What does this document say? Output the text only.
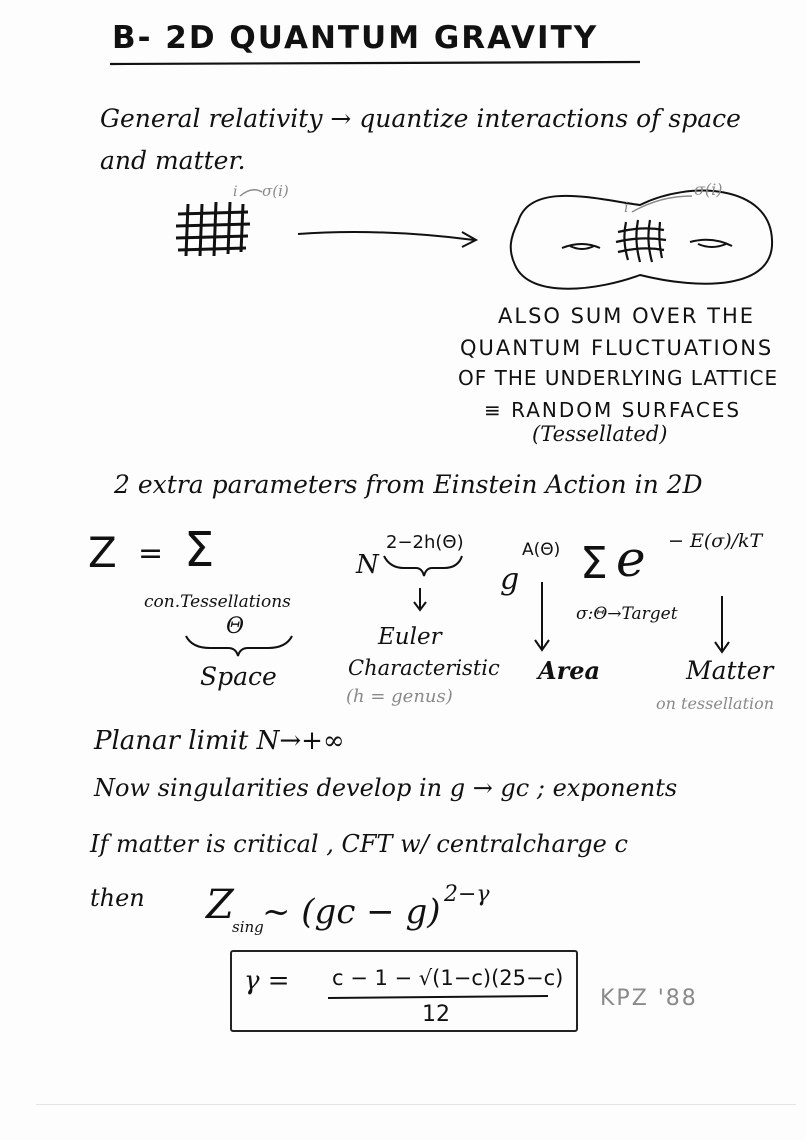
B- 2D QUANTUM GRAVITY
General relativity → quantize interactions of space
and matter.
i σ(i)
i
σ(i)
ALSO SUM OVER THE
QUANTUM FLUCTUATIONS
OF THE UNDERLYING LATTICE
≡ RANDOM SURFACES
(Tessellated)
2 extra parameters from Einstein Action in 2D
Z = Σ
con.Tessellations
Θ
N
2−2h(Θ)
g
A(Θ) Σ e − E(σ)/kT
σ:Θ→Target
Space
Euler
Characteristic
(h = genus)
Area	Matter
on tessellation
Planar limit N→+∞
Now singularities develop in g → gc ; exponents
If matter is critical , CFT w/ centralcharge c
then Z
sing
~ (gc − g) 2−γ
γ = c − 1 − √(1−c)(25−c)
12
KPZ '88
